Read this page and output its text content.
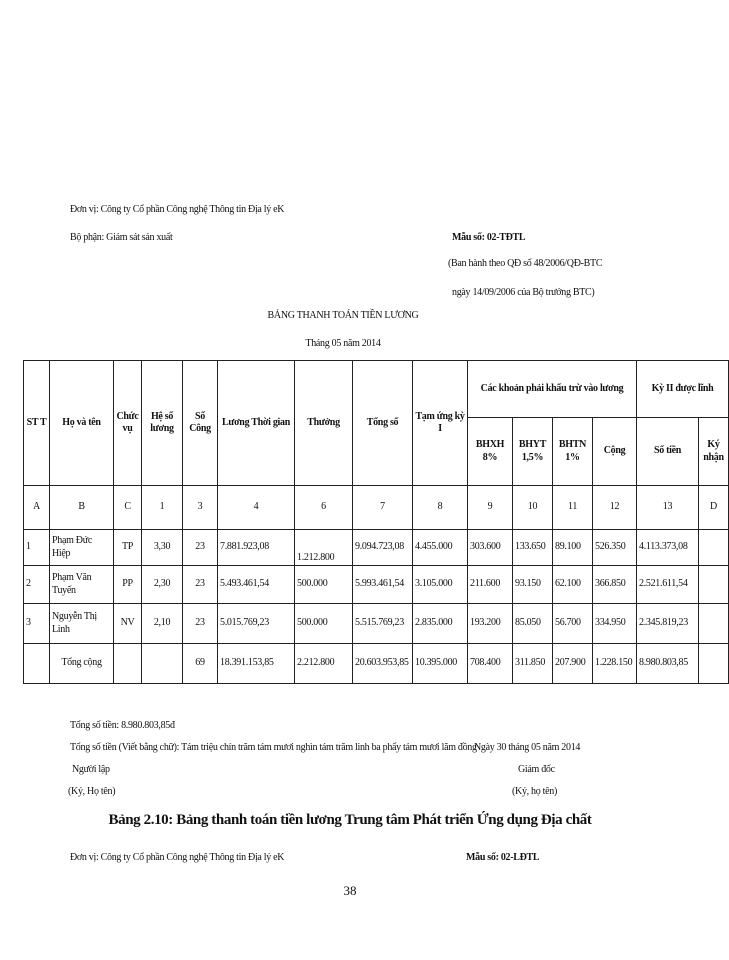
Đơn vị: Công ty Cổ phần Công nghệ Thông tin Địa lý eK
Bộ phận: Giám sát sản xuất	Mẫu số: 02-TĐTL
(Ban hành theo QĐ số 48/2006/QĐ-BTC
ngày 14/09/2006 của Bộ trưởng BTC)
BẢNG THANH TOÁN TIỀN LƯƠNG
Tháng 05 năm 2014
ST T	Họ và tên	Chức vụ	Hệ số lương	Số Công	Lương Thời gian	Thưởng	Tổng số	Tạm ứng kỳ I	Các khoản phải khấu trừ vào lương				Kỳ II được lĩnh	
									BHXH 8%	BHYT 1,5%	BHTN 1%	Cộng	Số tiền	Ký nhận
A	B	C	1	3	4	6	7	8	9	10	11	12	13	D
1	Phạm Đức Hiệp	TP	3,30	23	7.881.923,08	1.212.800	9.094.723,08	4.455.000	303.600	133.650	89.100	526.350	4.113.373,08	
2	Phạm Văn Tuyến	PP	2,30	23	5.493.461,54	500.000	5.993.461,54	3.105.000	211.600	93.150	62.100	366.850	2.521.611,54	
3	Nguyễn Thị Linh	NV	2,10	23	5.015.769,23	500.000	5.515.769,23	2.835.000	193.200	85.050	56.700	334.950	2.345.819,23	
	Tổng cộng			69	18.391.153,85	2.212.800	20.603.953,85	10.395.000	708.400	311.850	207.900	1.228.150	8.980.803,85	
Tổng số tiền: 8.980.803,85đ
Tổng số tiền (Viết bằng chữ): Tám triệu chín trăm tám mươi nghìn tám trăm linh ba phẩy tám mươi lăm đồng
Ngày 30 tháng 05 năm 2014
Người lập	Giám đốc
(Ký, Họ tên)	(Ký, họ tên)
Bảng 2.10: Bảng thanh toán tiền lương Trung tâm Phát triển Ứng dụng Địa chất
Đơn vị: Công ty Cổ phần Công nghệ Thông tin Địa lý eK	Mẫu số: 02-LĐTL
38
